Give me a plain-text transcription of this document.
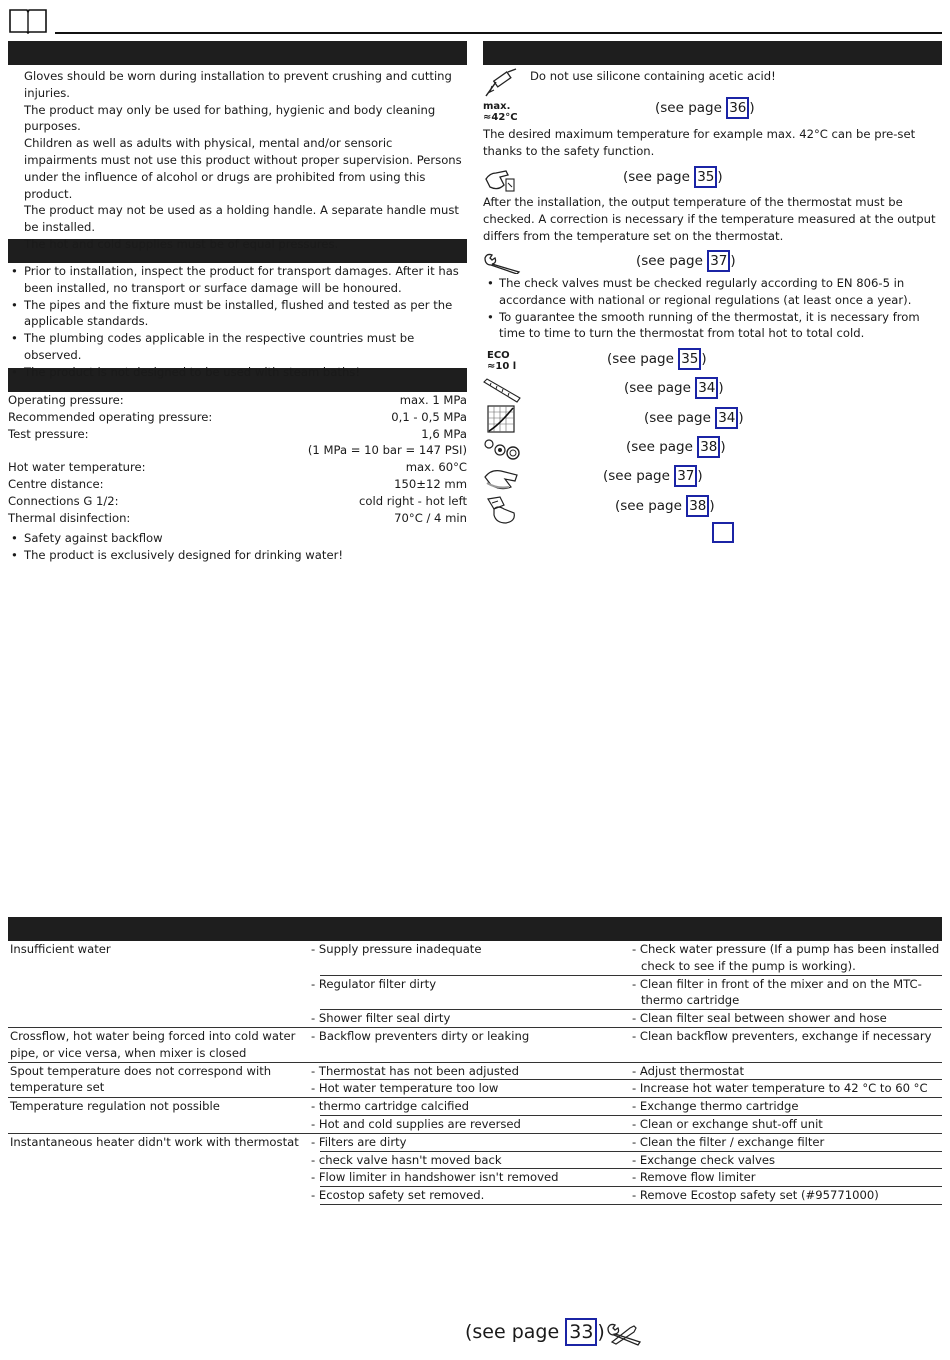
Gloves should be worn during installation to prevent crushing and cutting injuries.
The product may only be used for bathing, hygienic and body cleaning purposes.
Children as well as adults with physical, mental and/or sensoric impairments must not use this product without proper supervision. Persons under the influence of alcohol or drugs are prohibited from using this product.
The product may not be used as a holding handle. A separate handle must be installed.
The hot and cold supplies must be of equal pressures.
• Prior to installation, inspect the product for transport damages. After it has been installed, no transport or surface damage will be honoured.
• The pipes and the fixture must be installed, flushed and tested as per the applicable standards.
• The plumbing codes applicable in the respective countries must be observed.
• The product is not designed to be used with steam baths!
Operating pressure:	max. 1 MPa
Recommended operating pressure:	0,1 - 0,5 MPa
Test pressure:	1,6 MPa
(1 MPa = 10 bar = 147 PSI)
Hot water temperature:	max. 60°C
Centre distance:	150±12 mm
Connections G 1/2:	cold right - hot left
Thermal disinfection:	70°C / 4 min
• Safety against backflow
• The product is exclusively designed for drinking water!
Do not use silicone containing acetic acid!
max.
≈42°C
(see page 36 )
The desired maximum temperature for example max. 42°C can be pre-set thanks to the safety function.
(see page 35 )
After the installation, the output temperature of the thermostat must be checked. A correction is necessary if the temperature measured at the output differs from the temperature set on the thermostat.
(see page 37 )
• The check valves must be checked regularly according to EN 806-5 in accordance with national or regional regulations (at least once a year).
• To guarantee the smooth running of the thermostat, it is necessary from time to time to turn the thermostat from total hot to total cold.
ECO
≈10 l	(see page 35 )
(see page 34 )
(see page 34 )
(see page 38 )
(see page 37 )
(see page 38 )
Insufficient water	- Supply pressure inadequate	- Check water pressure (If a pump has been installed check to see if the pump is working).
- Regulator filter dirty	- Clean filter in front of the mixer and on the MTC-thermo cartridge
- Shower filter seal dirty	- Clean filter seal between shower and hose
Crossflow, hot water being forced into cold water pipe, or vice versa, when mixer is closed
- Backflow preventers dirty or leaking	- Clean backflow preventers, exchange if necessary
Spout temperature does not correspond with temperature set
- Thermostat has not been adjusted	- Adjust thermostat
- Hot water temperature too low	- Increase hot water temperature to 42 °C to 60 °C
Temperature regulation not possible	- thermo cartridge calcified	- Exchange thermo cartridge
- Hot and cold supplies are reversed	- Clean or exchange shut-off unit
Instantaneous heater didn't work with thermostat	- Filters are dirty	- Clean the filter / exchange filter
- check valve hasn't moved back	- Exchange check valves
- Flow limiter in handshower isn't removed	- Remove flow limiter
- Ecostop safety set removed.	- Remove Ecostop safety set (#95771000)
(see page 33 )
